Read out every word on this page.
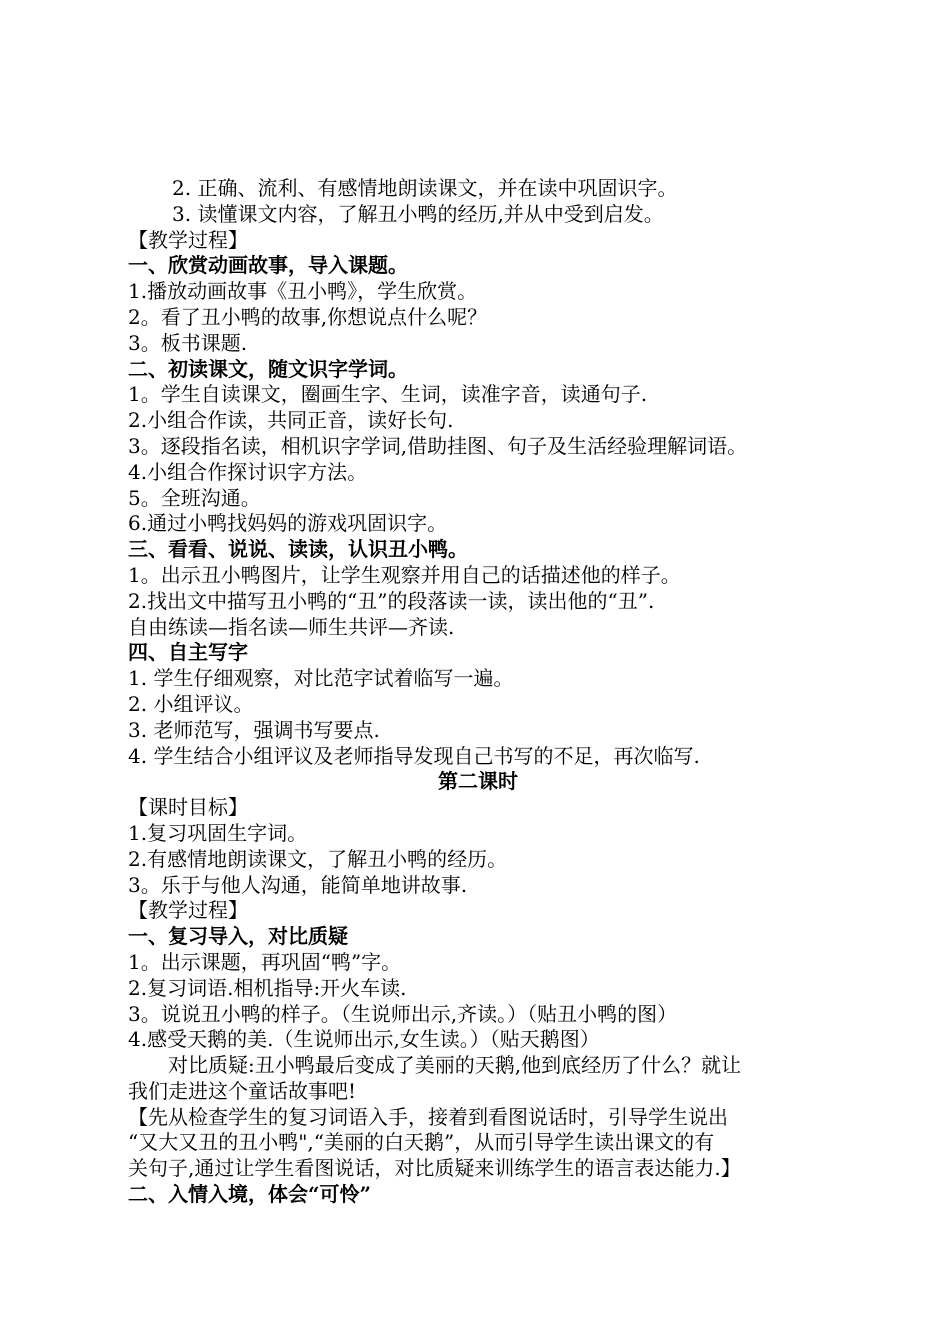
2. 正确、流利、有感情地朗读课文，并在读中巩固识字。
3. 读懂课文内容，了解丑小鸭的经历,并从中受到启发。
【教学过程】
一、欣赏动画故事，导入课题。
1.播放动画故事《丑小鸭》，学生欣赏。
2。看了丑小鸭的故事,你想说点什么呢？
3。板书课题.
二、初读课文，随文识字学词。
1。学生自读课文，圈画生字、生词，读准字音，读通句子.
2.小组合作读，共同正音，读好长句.
3。逐段指名读，相机识字学词,借助挂图、句子及生活经验理解词语。
4.小组合作探讨识字方法。
5。全班沟通。
6.通过小鸭找妈妈的游戏巩固识字。
三、看看、说说、读读，认识丑小鸭。
1。出示丑小鸭图片，让学生观察并用自己的话描述他的样子。
2.找出文中描写丑小鸭的“丑”的段落读一读，读出他的“丑”.
自由练读—指名读—师生共评—齐读.
四、自主写字
1. 学生仔细观察，对比范字试着临写一遍。
2. 小组评议。
3. 老师范写，强调书写要点.
4. 学生结合小组评议及老师指导发现自己书写的不足，再次临写.
第二课时
【课时目标】
1.复习巩固生字词。
2.有感情地朗读课文，了解丑小鸭的经历。
3。乐于与他人沟通，能简单地讲故事.
【教学过程】
一、复习导入，对比质疑
1。出示课题，再巩固“鸭”字。
2.复习词语.相机指导:开火车读.
3。说说丑小鸭的样子。（生说师出示,齐读。）（贴丑小鸭的图）
4.感受天鹅的美.（生说师出示,女生读。）（贴天鹅图）
对比质疑:丑小鸭最后变成了美丽的天鹅,他到底经历了什么？就让
我们走进这个童话故事吧!
【先从检查学生的复习词语入手，接着到看图说话时，引导学生说出
“又大又丑的丑小鸭",“美丽的白天鹅”，从而引导学生读出课文的有
关句子,通过让学生看图说话，对比质疑来训练学生的语言表达能力.】
二、入情入境，体会“可怜”
